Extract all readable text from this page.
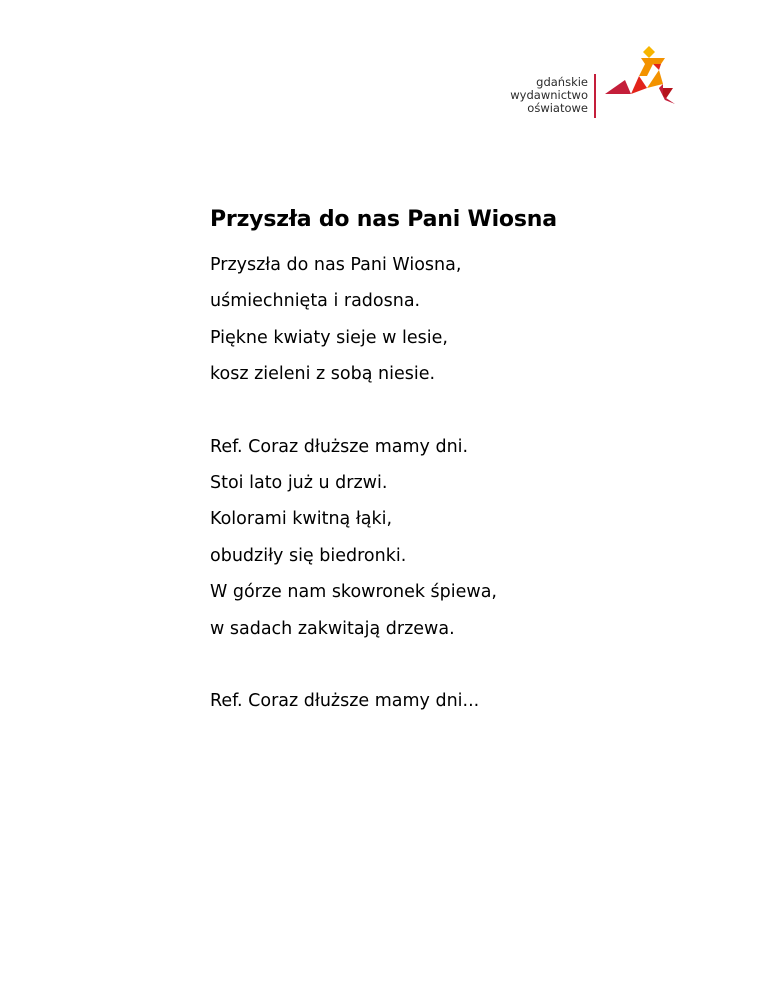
gdańskie
wydawnictwo
oświatowe
Przyszła do nas Pani Wiosna
Przyszła do nas Pani Wiosna,
uśmiechnięta i radosna.
Piękne kwiaty sieje w lesie,
kosz zieleni z sobą niesie.
Ref. Coraz dłuższe mamy dni.
Stoi lato już u drzwi.
Kolorami kwitną łąki,
obudziły się biedronki.
W górze nam skowronek śpiewa,
w sadach zakwitają drzewa.
Ref. Coraz dłuższe mamy dni...
